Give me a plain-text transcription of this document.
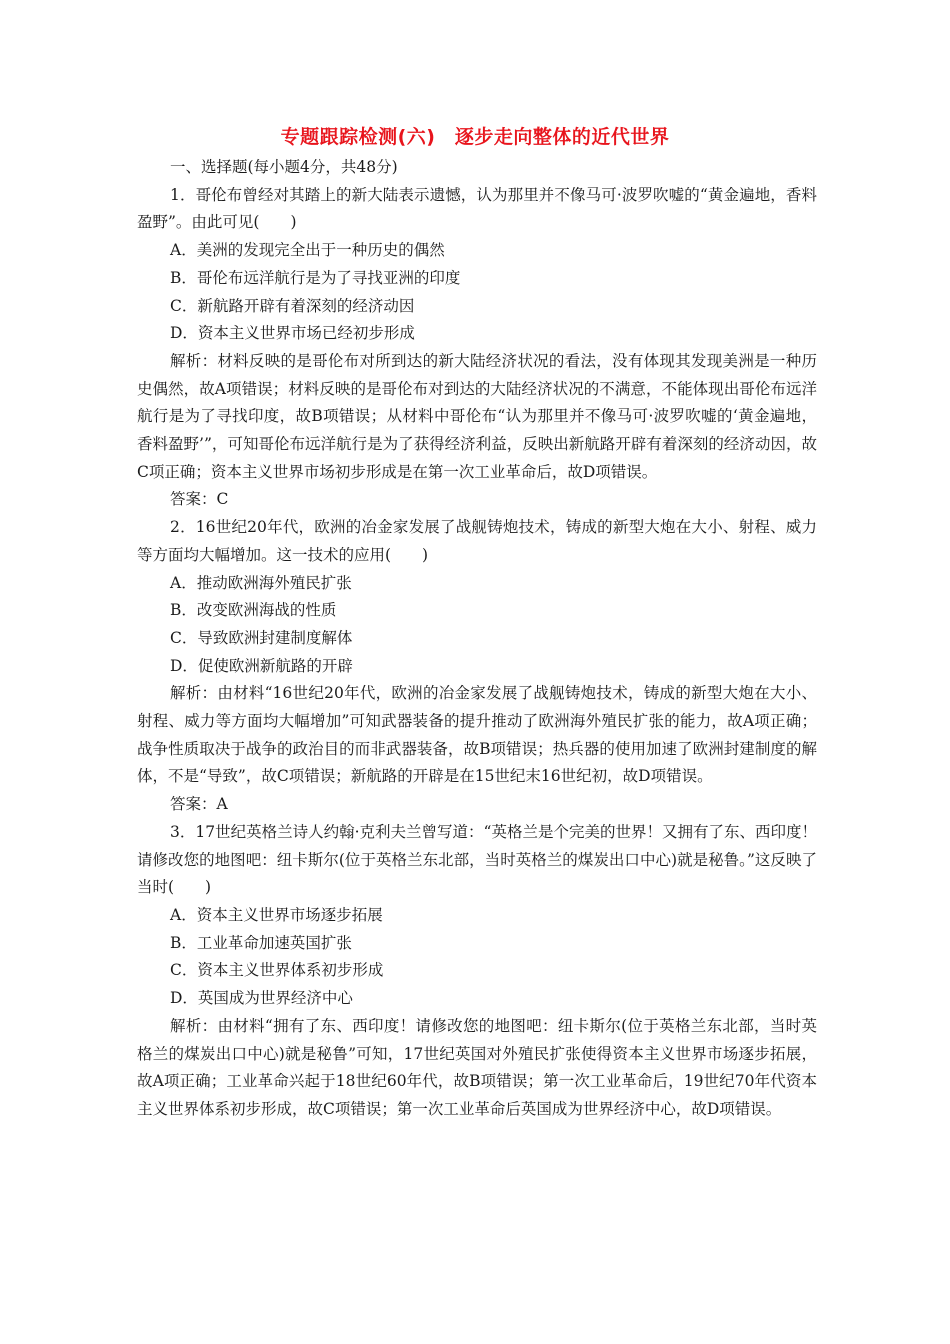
专题跟踪检测(六)　逐步走向整体的近代世界

一、选择题(每小题4分，共48分)

1．哥伦布曾经对其踏上的新大陆表示遗憾，认为那里并不像马可·波罗吹嘘的“黄金遍地，香料盈野”。由此可见(　　)

A．美洲的发现完全出于一种历史的偶然

B．哥伦布远洋航行是为了寻找亚洲的印度

C．新航路开辟有着深刻的经济动因

D．资本主义世界市场已经初步形成

解析：材料反映的是哥伦布对所到达的新大陆经济状况的看法，没有体现其发现美洲是一种历史偶然，故A项错误；材料反映的是哥伦布对到达的大陆经济状况的不满意，不能体现出哥伦布远洋航行是为了寻找印度，故B项错误；从材料中哥伦布“认为那里并不像马可·波罗吹嘘的‘黄金遍地，香料盈野’”，可知哥伦布远洋航行是为了获得经济利益，反映出新航路开辟有着深刻的经济动因，故C项正确；资本主义世界市场初步形成是在第一次工业革命后，故D项错误。

答案：C

2．16世纪20年代，欧洲的冶金家发展了战舰铸炮技术，铸成的新型大炮在大小、射程、威力等方面均大幅增加。这一技术的应用(　　)

A．推动欧洲海外殖民扩张

B．改变欧洲海战的性质

C．导致欧洲封建制度解体

D．促使欧洲新航路的开辟

解析：由材料“16世纪20年代，欧洲的冶金家发展了战舰铸炮技术，铸成的新型大炮在大小、射程、威力等方面均大幅增加”可知武器装备的提升推动了欧洲海外殖民扩张的能力，故A项正确；战争性质取决于战争的政治目的而非武器装备，故B项错误；热兵器的使用加速了欧洲封建制度的解体，不是“导致”，故C项错误；新航路的开辟是在15世纪末16世纪初，故D项错误。

答案：A

3．17世纪英格兰诗人约翰·克利夫兰曾写道：“英格兰是个完美的世界！又拥有了东、西印度！请修改您的地图吧：纽卡斯尔(位于英格兰东北部，当时英格兰的煤炭出口中心)就是秘鲁。”这反映了当时(　　)

A．资本主义世界市场逐步拓展

B．工业革命加速英国扩张

C．资本主义世界体系初步形成

D．英国成为世界经济中心

解析：由材料“拥有了东、西印度！请修改您的地图吧：纽卡斯尔(位于英格兰东北部，当时英格兰的煤炭出口中心)就是秘鲁”可知，17世纪英国对外殖民扩张使得资本主义世界市场逐步拓展，故A项正确；工业革命兴起于18世纪60年代，故B项错误；第一次工业革命后，19世纪70年代资本主义世界体系初步形成，故C项错误；第一次工业革命后英国成为世界经济中心，故D项错误。
